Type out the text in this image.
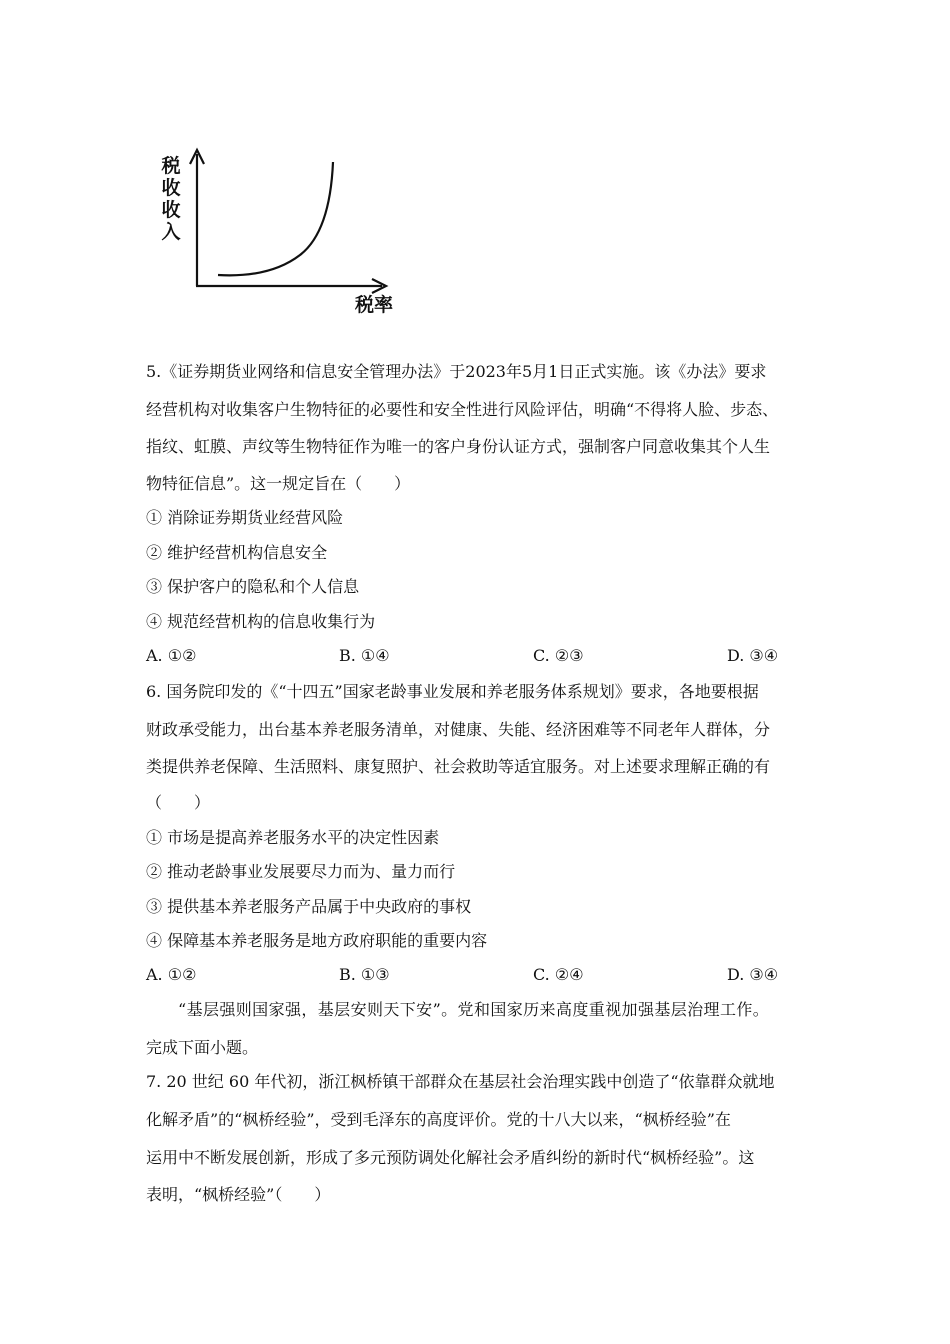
税
收
收
入
税率
5.《证券期货业网络和信息安全管理办法》于2023年5月1日正式实施。该《办法》要求
经营机构对收集客户生物特征的必要性和安全性进行风险评估，明确“不得将人脸、步态、
指纹、虹膜、声纹等生物特征作为唯一的客户身份认证方式，强制客户同意收集其个人生
物特征信息”。这一规定旨在（　　）
① 消除证券期货业经营风险
② 维护经营机构信息安全
③ 保护客户的隐私和个人信息
④ 规范经营机构的信息收集行为
A. ①②	B. ①④	C. ②③	D. ③④
6. 国务院印发的《“十四五”国家老龄事业发展和养老服务体系规划》要求，各地要根据
财政承受能力，出台基本养老服务清单，对健康、失能、经济困难等不同老年人群体，分
类提供养老保障、生活照料、康复照护、社会救助等适宜服务。对上述要求理解正确的有
（　　）
① 市场是提高养老服务水平的决定性因素
② 推动老龄事业发展要尽力而为、量力而行
③ 提供基本养老服务产品属于中央政府的事权
④ 保障基本养老服务是地方政府职能的重要内容
A. ①②	B. ①③	C. ②④	D. ③④
“基层强则国家强，基层安则天下安”。党和国家历来高度重视加强基层治理工作。
完成下面小题。
7. 20 世纪 60 年代初，浙江枫桥镇干部群众在基层社会治理实践中创造了“依靠群众就地
化解矛盾”的“枫桥经验”，受到毛泽东的高度评价。党的十八大以来，“枫桥经验”在
运用中不断发展创新，形成了多元预防调处化解社会矛盾纠纷的新时代“枫桥经验”。这
表明，“枫桥经验”（　　）
